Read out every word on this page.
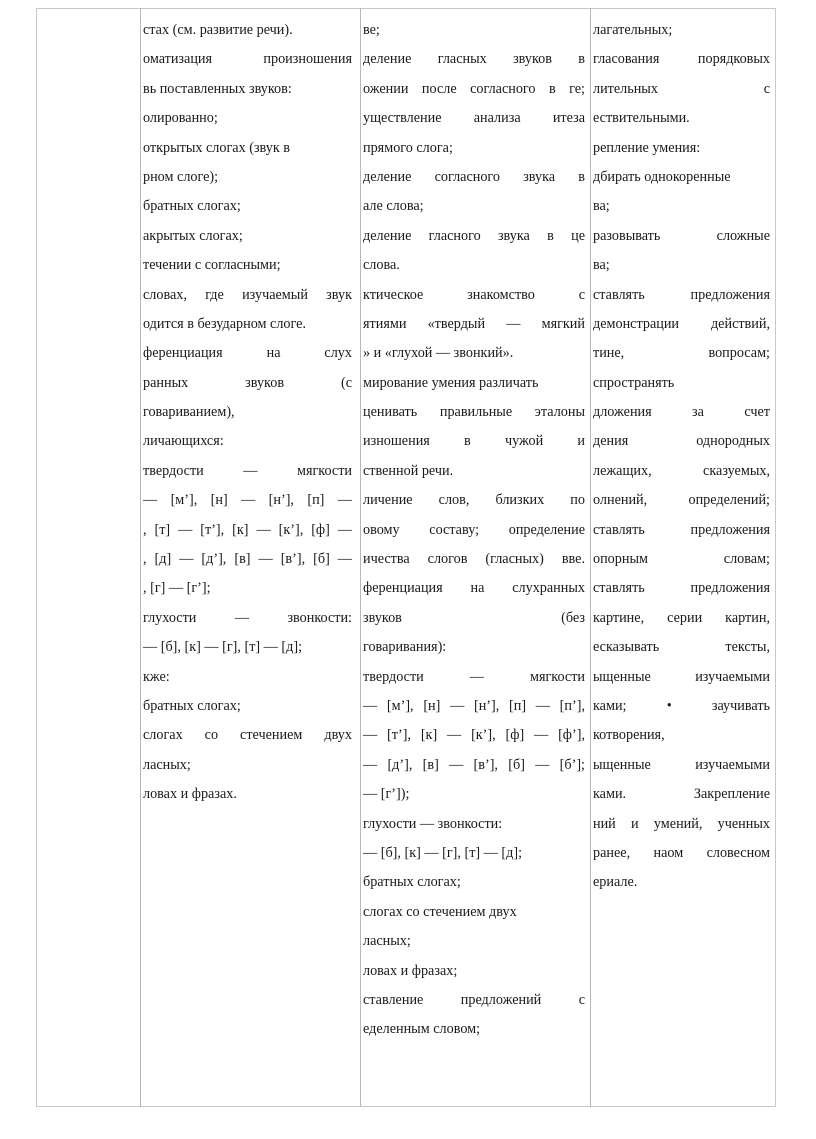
стах (см. развитие речи).
оматизация произношения
вь поставленных звуков:
олированно;
открытых слогах (звук в
рном слоге);
братных слогах;
акрытых слогах;
течении с согласными;
словах, где изучаемый звук
одится в безударном слоге.
ференциация на слух
ранных звуков (с
говариванием),
личающихся:
твердости — мягкости
— [м’], [н] — [н’], [п] —
, [т] — [т’], [к] — [к’], [ф] —
, [д] — [д’], [в] — [в’], [б] —
, [г] — [г’];
глухости — звонкости:
— [б], [к] — [г], [т] — [д];
кже:
братных слогах;
слогах со стечением двух
ласных;
ловах и фразах.
ве;
деление гласных звуков в
ожении после согласного в ге;
уществление анализа итеза
прямого слога;
деление согласного звука в
але слова;
деление гласного звука в це
слова.
ктическое знакомство с
ятиями «твердый — мягкий
» и «глухой — звонкий».
мирование умения различать
ценивать правильные эталоны
изношения в чужой и
ственной речи.
личение слов, близких по
овому составу; определение
ичества слогов (гласных) вве.
ференциация на слухранных
звуков (без
говаривания):
твердости — мягкости
— [м’], [н] — [н’], [п] — [п’],
— [т’], [к] — [к’], [ф] — [ф’],
— [д’], [в] — [в’], [б] — [б’];
— [г’]);
глухости — звонкости:
— [б], [к] — [г], [т] — [д];
братных слогах;
слогах со стечением двух
ласных;
ловах и фразах;
ставление предложений с
еделенным словом;
лагательных;
гласования порядковых
лительных с
ествительными.
репление умения:
дбирать однокоренные
ва;
разовывать сложные
ва;
ставлять предложения
демонстрации действий,
тине, вопросам;
спространять
дложения за счет
дения однородных
лежащих, сказуемых,
олнений, определений;
ставлять предложения
опорным словам;
ставлять предложения
картине, серии картин,
есказывать тексты,
ыщенные изучаемыми
ками; • заучивать
котворения,
ыщенные изучаемыми
ками. Закрепление
ний и умений, ученных
ранее, наом словесном
ериале.
